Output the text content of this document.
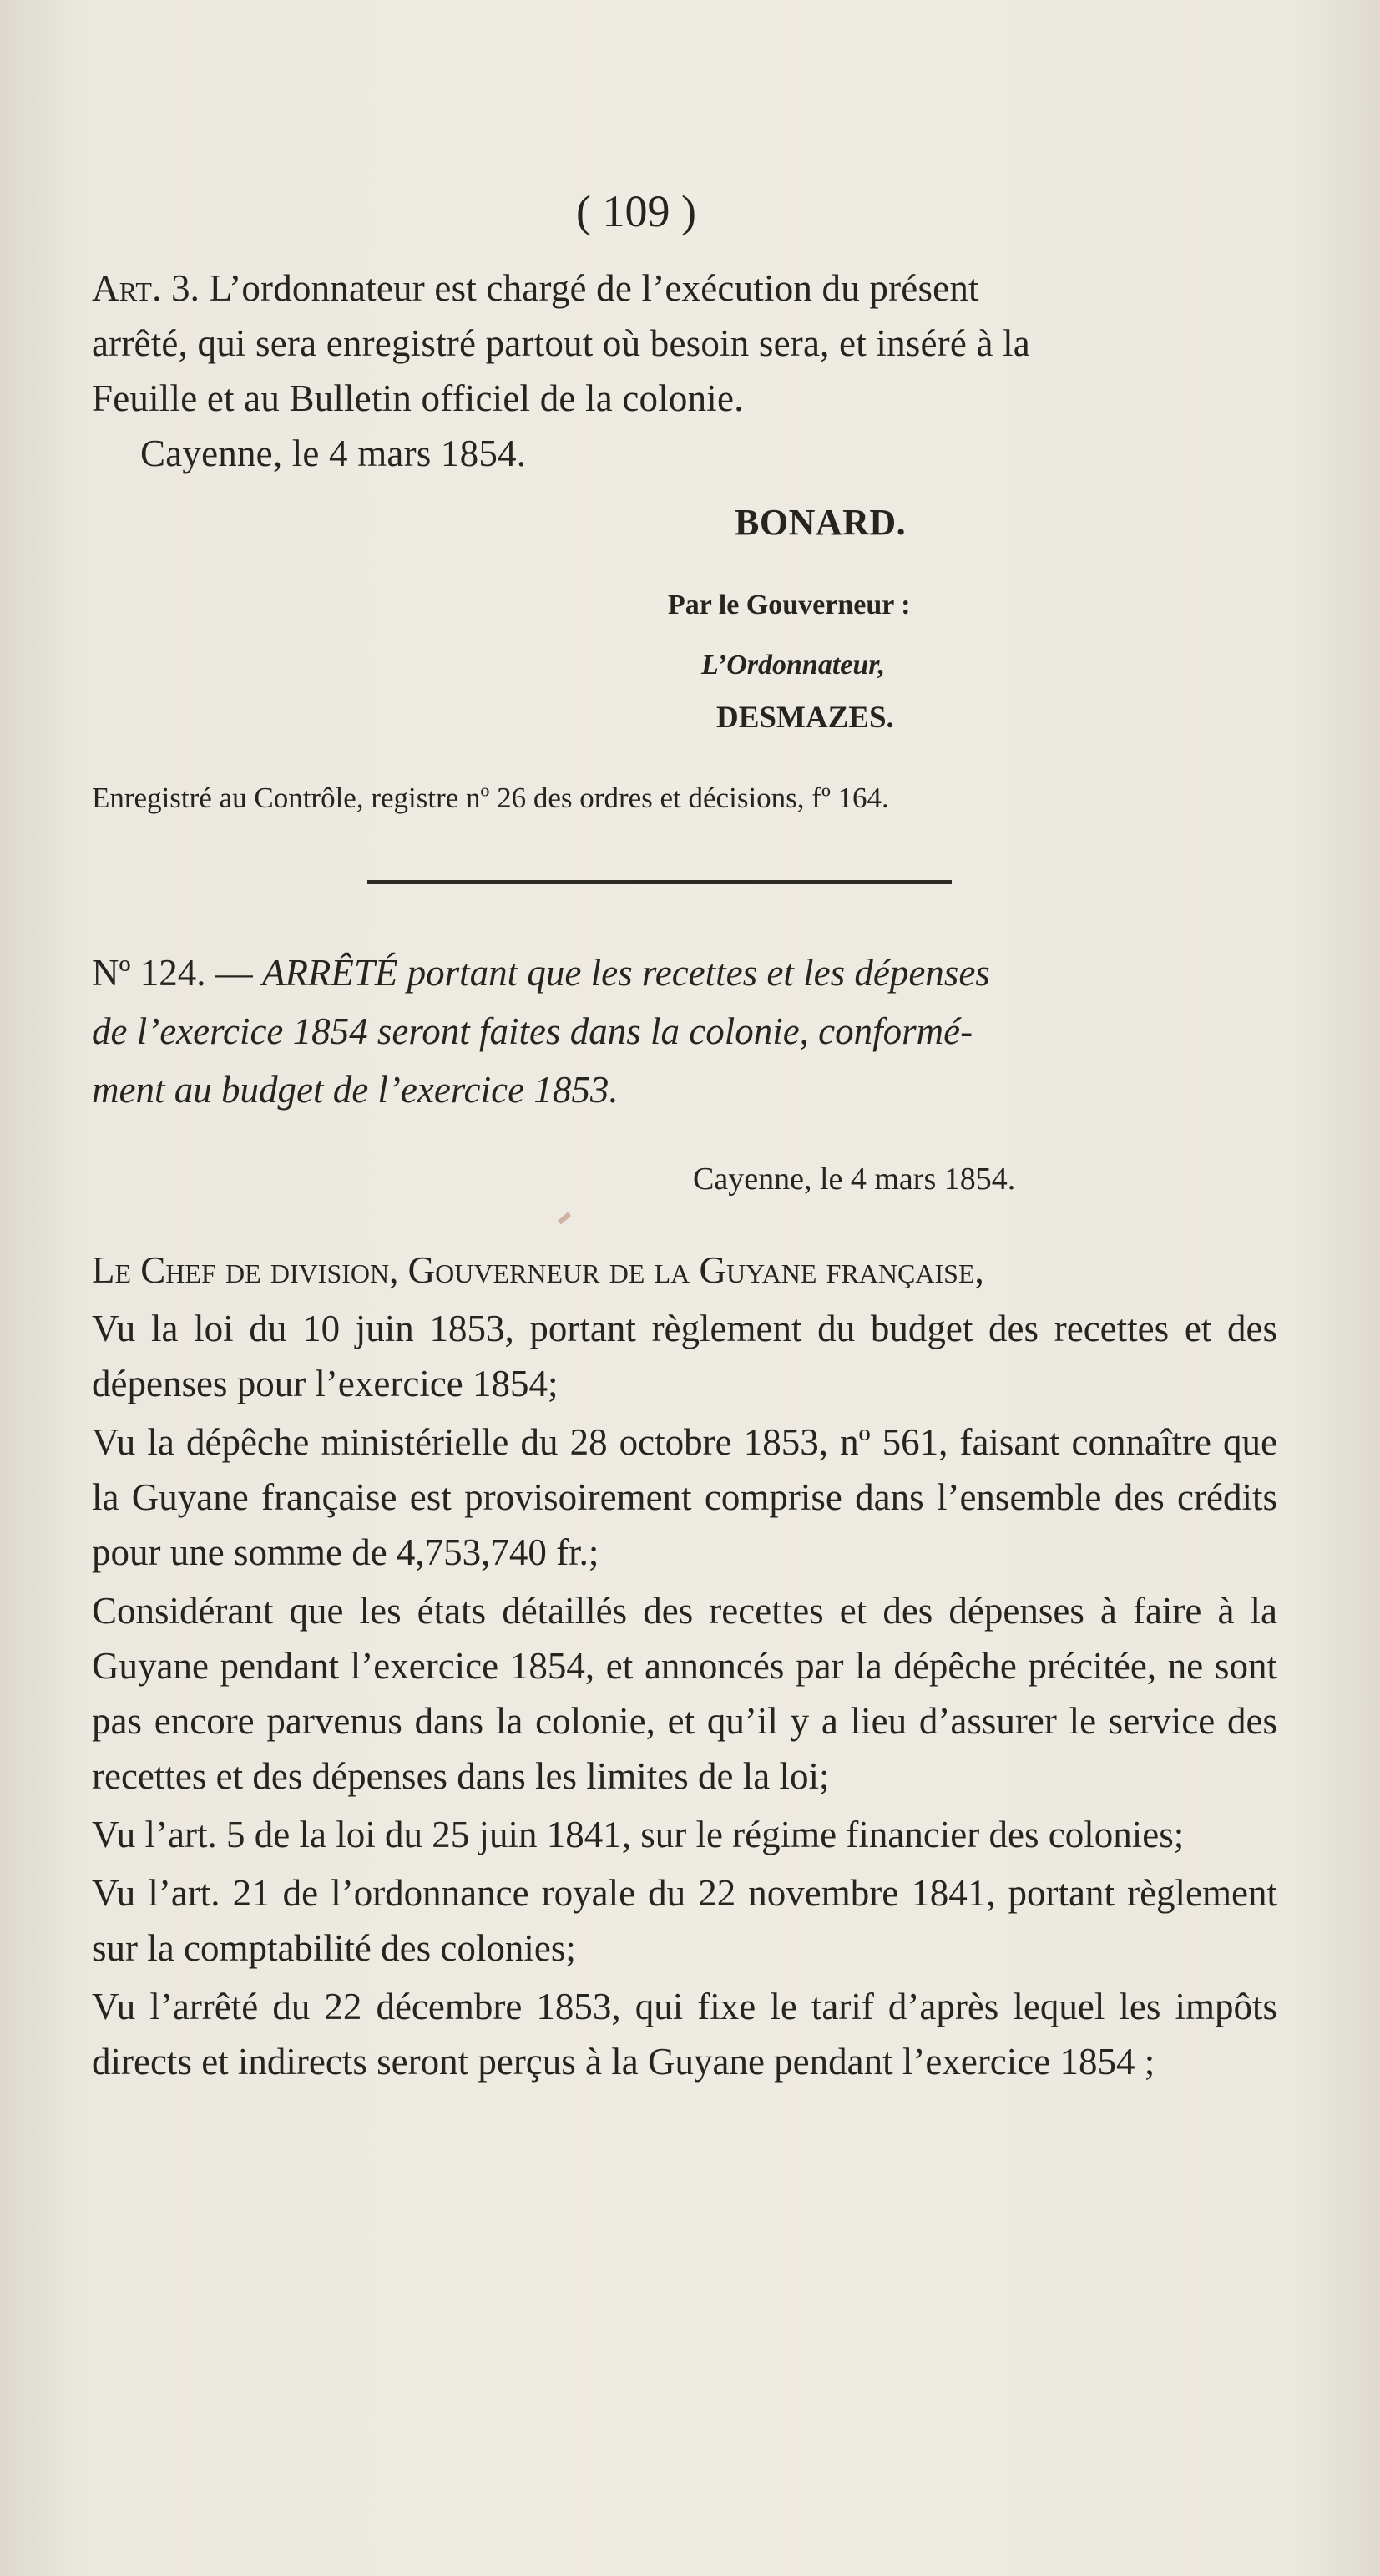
( 109 )
Art. 3. L’ordonnateur est chargé de l’exécution du présent
arrêté, qui sera enregistré partout où besoin sera, et inséré à la
Feuille et au Bulletin officiel de la colonie.
Cayenne, le 4 mars 1854.
BONARD.
Par le Gouverneur :
L’Ordonnateur,
DESMAZES.
Enregistré au Contrôle, registre nº 26 des ordres et décisions, fº 164.
Nº 124. — ARRÊTÉ portant que les recettes et les dépenses
de l’exercice 1854 seront faites dans la colonie, conformé-
ment au budget de l’exercice 1853.
Cayenne, le 4 mars 1854.

Le Chef de division, Gouverneur de la Guyane française,

Vu la loi du 10 juin 1853, portant règlement du budget des recettes et des dépenses pour l’exercice 1854;

Vu la dépêche ministérielle du 28 octobre 1853, nº 561, faisant connaître que la Guyane française est provisoirement comprise dans l’ensemble des crédits pour une somme de 4,753,740 fr.;

Considérant que les états détaillés des recettes et des dépenses à faire à la Guyane pendant l’exercice 1854, et annoncés par la dépêche précitée, ne sont pas encore parvenus dans la colonie, et qu’il y a lieu d’assurer le service des recettes et des dépenses dans les limites de la loi;

Vu l’art. 5 de la loi du 25 juin 1841, sur le régime financier des colonies;

Vu l’art. 21 de l’ordonnance royale du 22 novembre 1841, portant règlement sur la comptabilité des colonies;

Vu l’arrêté du 22 décembre 1853, qui fixe le tarif d’après lequel les impôts directs et indirects seront perçus à la Guyane pendant l’exercice 1854 ;
